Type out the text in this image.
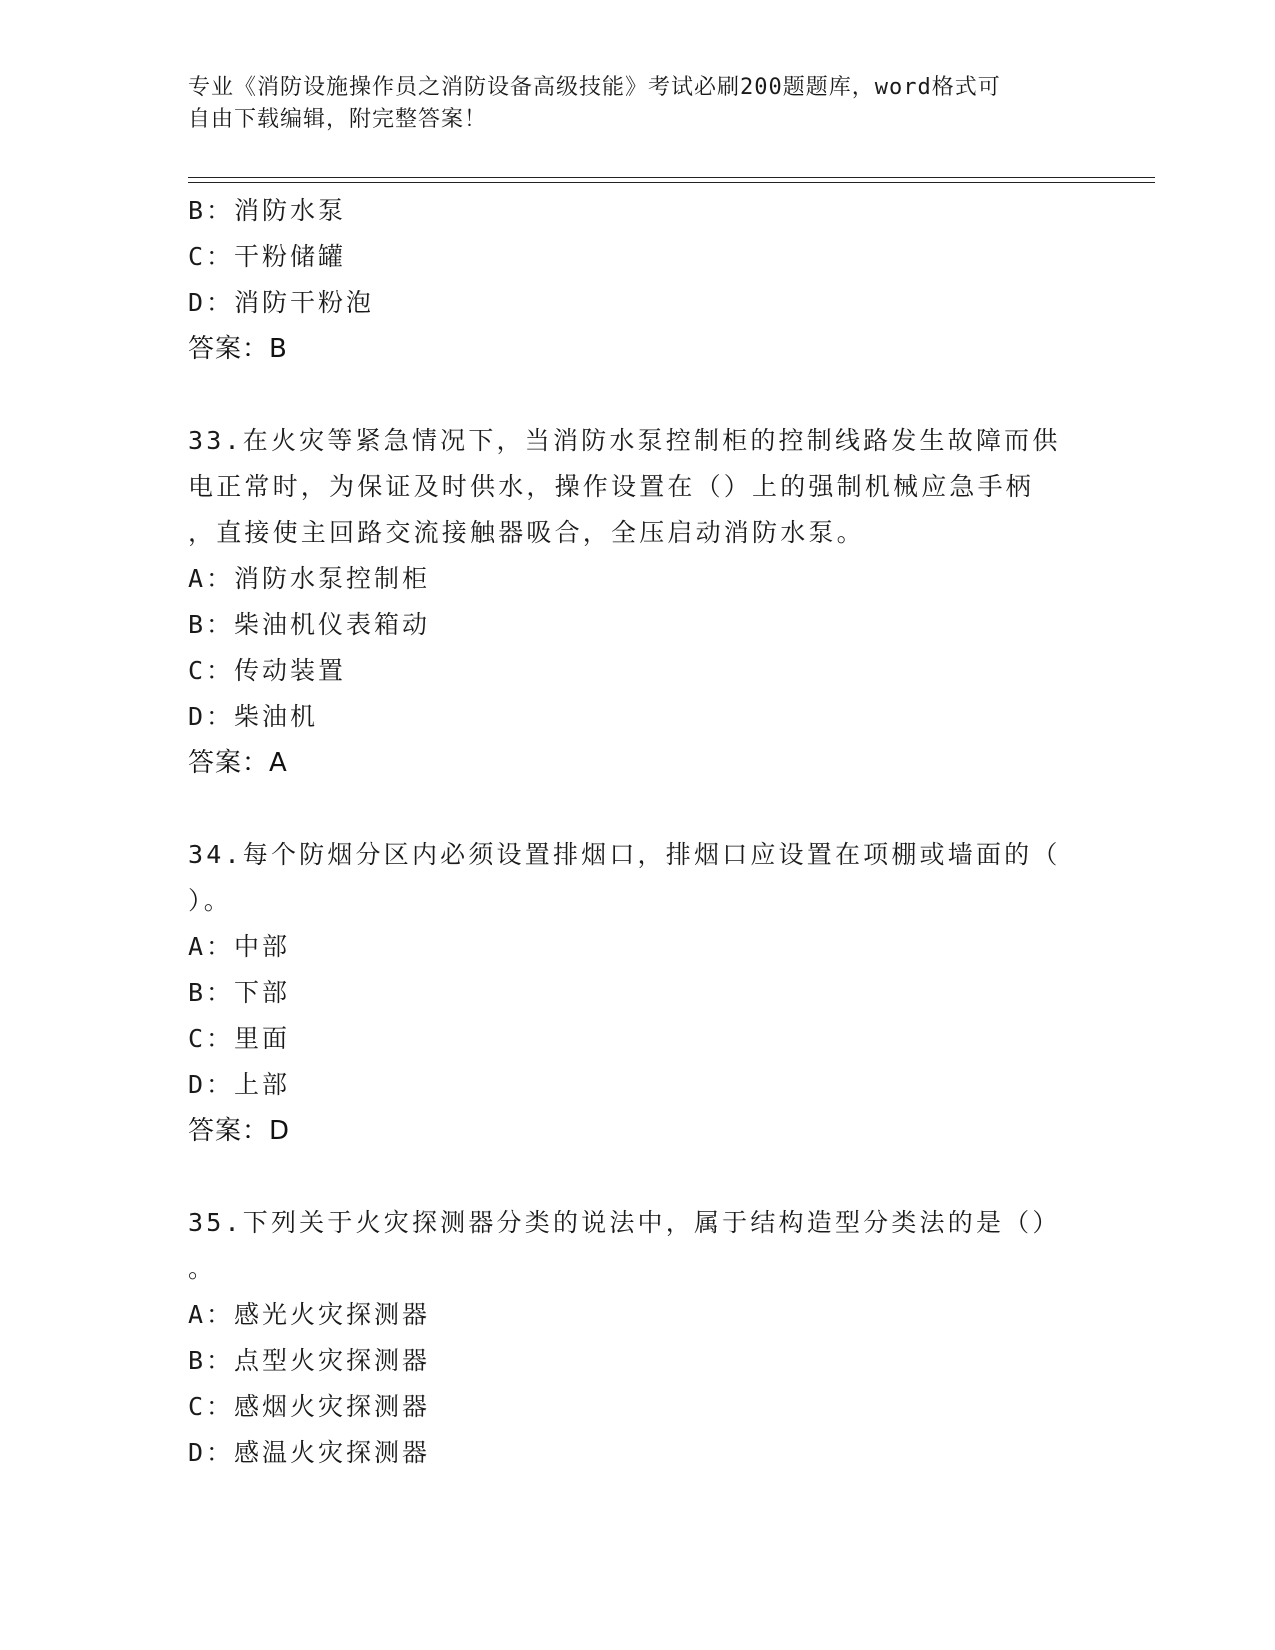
专业《消防设施操作员之消防设备高级技能》考试必刷200题题库，word格式可
自由下载编辑，附完整答案！
B：消防水泵
C：干粉储罐
D：消防干粉泡
答案：B
33.在火灾等紧急情况下，当消防水泵控制柜的控制线路发生故障而供
电正常时，为保证及时供水，操作设置在（）上的强制机械应急手柄
，直接使主回路交流接触器吸合，全压启动消防水泵。
A：消防水泵控制柜
B：柴油机仪表箱动
C：传动装置
D：柴油机
答案：A
34.每个防烟分区内必须设置排烟口，排烟口应设置在项棚或墙面的（
）。
A：中部
B：下部
C：里面
D：上部
答案：D
35.下列关于火灾探测器分类的说法中，属于结构造型分类法的是（）
。
A：感光火灾探测器
B：点型火灾探测器
C：感烟火灾探测器
D：感温火灾探测器
